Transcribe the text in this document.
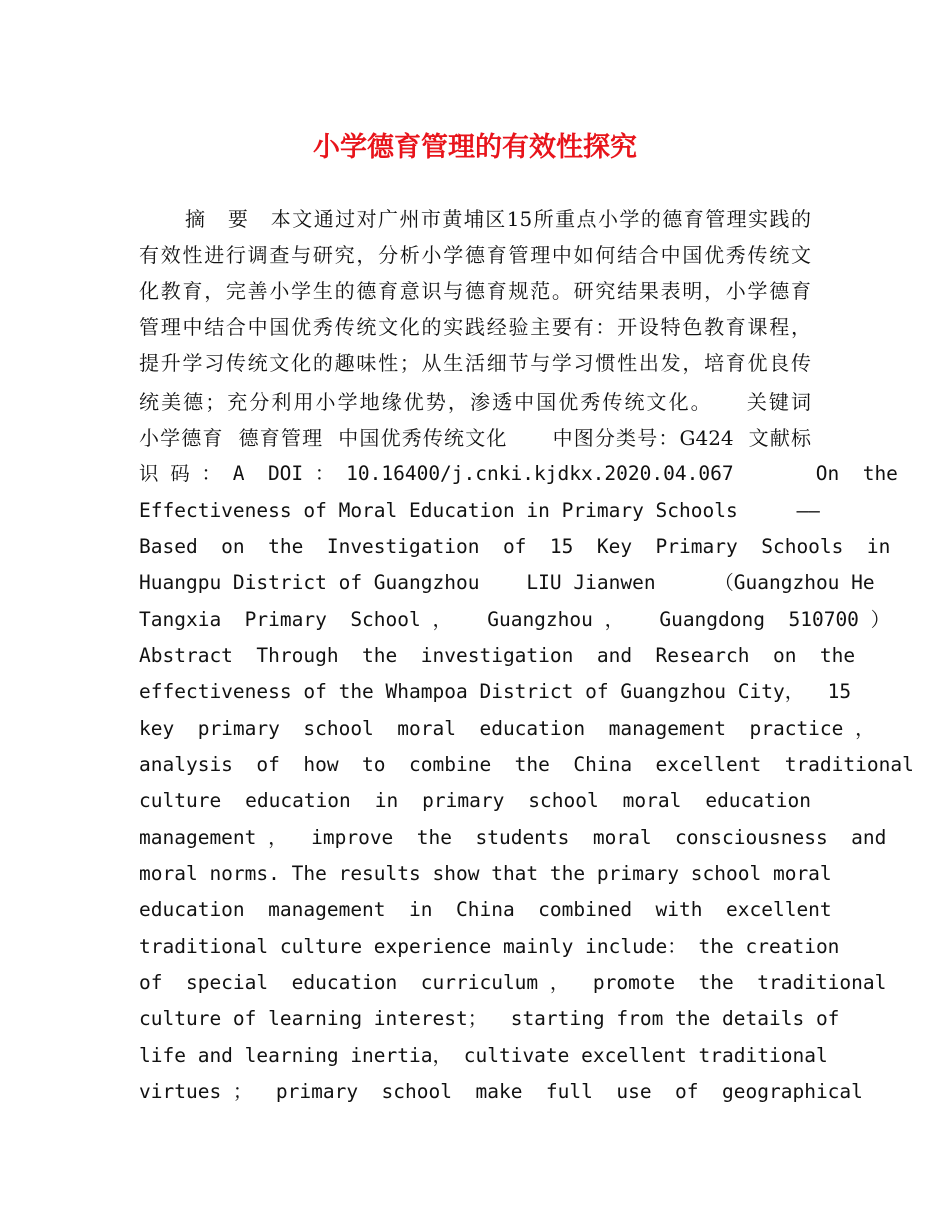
小学德育管理的有效性探究
摘　要　本文通过对广州市黄埔区15所重点小学的德育管理实践的
有效性进行调查与研究，分析小学德育管理中如何结合中国优秀传统文
化教育，完善小学生的德育意识与德育规范。研究结果表明，小学德育
管理中结合中国优秀传统文化的实践经验主要有：开设特色教育课程，
提升学习传统文化的趣味性；从生活细节与学习惯性出发，培育优良传
统美德；充分利用小学地缘优势，渗透中国优秀传统文化。　　关键词
小学德育  德育管理  中国优秀传统文化      中图分类号：G424  文献标
识 码 ： A  DOI ： 10.16400/j.cnki.kjdkx.2020.04.067       On  the
Effectiveness of Moral Education in Primary Schools     ——
Based  on  the  Investigation  of  15  Key  Primary  Schools  in
Huangpu District of Guangzhou    LIU Jianwen     （Guangzhou He
Tangxia  Primary  School ，   Guangzhou ，   Guangdong  510700 ）
Abstract  Through  the  investigation  and  Research  on  the
effectiveness of the Whampoa District of Guangzhou City，  15
key  primary  school  moral  education  management  practice ，
analysis  of  how  to  combine  the  China  excellent  traditional
culture  education  in  primary  school  moral  education
management ，  improve  the  students  moral  consciousness  and
moral norms. The results show that the primary school moral
education  management  in  China  combined  with  excellent
traditional culture experience mainly include： the creation
of  special  education  curriculum ，  promote  the  traditional
culture of learning interest；  starting from the details of
life and learning inertia， cultivate excellent traditional
virtues ；  primary  school  make  full  use  of  geographical
